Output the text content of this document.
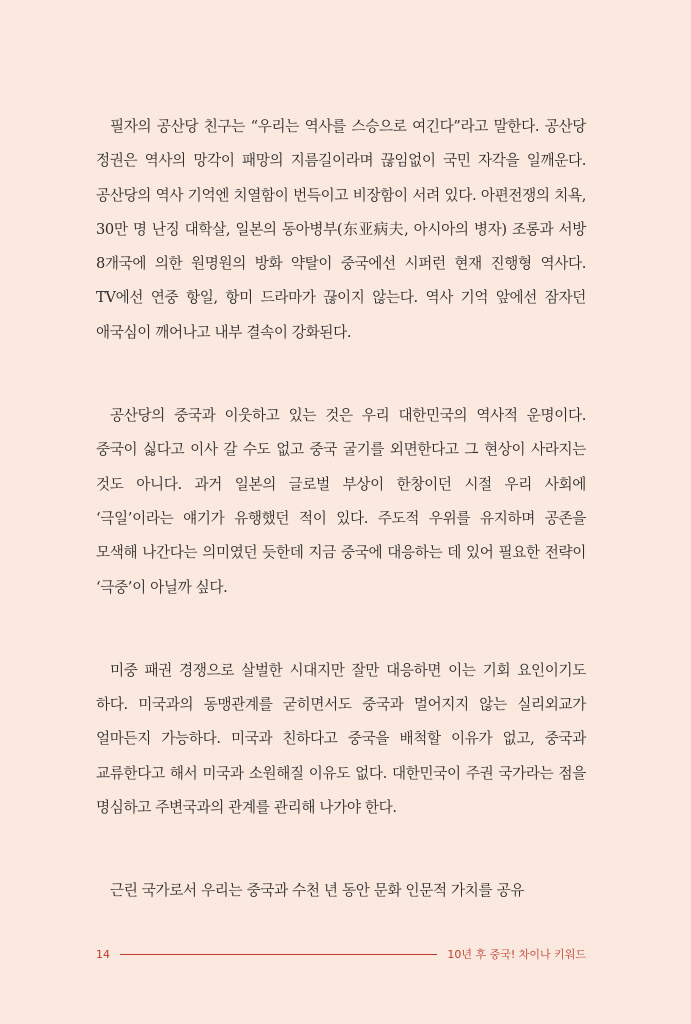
필자의 공산당 친구는 “우리는 역사를 스승으로 여긴다”라고 말한다. 공산당 정권은 역사의 망각이 패망의 지름길이라며 끊임없이 국민 자각을 일깨운다. 공산당의 역사 기억엔 치열함이 번득이고 비장함이 서려 있다. 아편전쟁의 치욕, 30만 명 난징 대학살, 일본의 동아병부(东亚病夫, 아시아의 병자) 조롱과 서방 8개국에 의한 원명원의 방화 약탈이 중국에선 시퍼런 현재 진행형 역사다. TV에선 연중 항일, 항미 드라마가 끊이지 않는다. 역사 기억 앞에선 잠자던 애국심이 깨어나고 내부 결속이 강화된다.

공산당의 중국과 이웃하고 있는 것은 우리 대한민국의 역사적 운명이다. 중국이 싫다고 이사 갈 수도 없고 중국 굴기를 외면한다고 그 현상이 사라지는 것도 아니다. 과거 일본의 글로벌 부상이 한창이던 시절 우리 사회에 ‘극일’이라는 얘기가 유행했던 적이 있다. 주도적 우위를 유지하며 공존을 모색해 나간다는 의미였던 듯한데 지금 중국에 대응하는 데 있어 필요한 전략이 ‘극중’이 아닐까 싶다.

미중 패권 경쟁으로 살벌한 시대지만 잘만 대응하면 이는 기회 요인이기도 하다. 미국과의 동맹관계를 굳히면서도 중국과 멀어지지 않는 실리외교가 얼마든지 가능하다. 미국과 친하다고 중국을 배척할 이유가 없고, 중국과 교류한다고 해서 미국과 소원해질 이유도 없다. 대한민국이 주권 국가라는 점을 명심하고 주변국과의 관계를 관리해 나가야 한다.

근린 국가로서 우리는 중국과 수천 년 동안 문화 인문적 가치를 공유

14	10년 후 중국! 차이나 키워드
